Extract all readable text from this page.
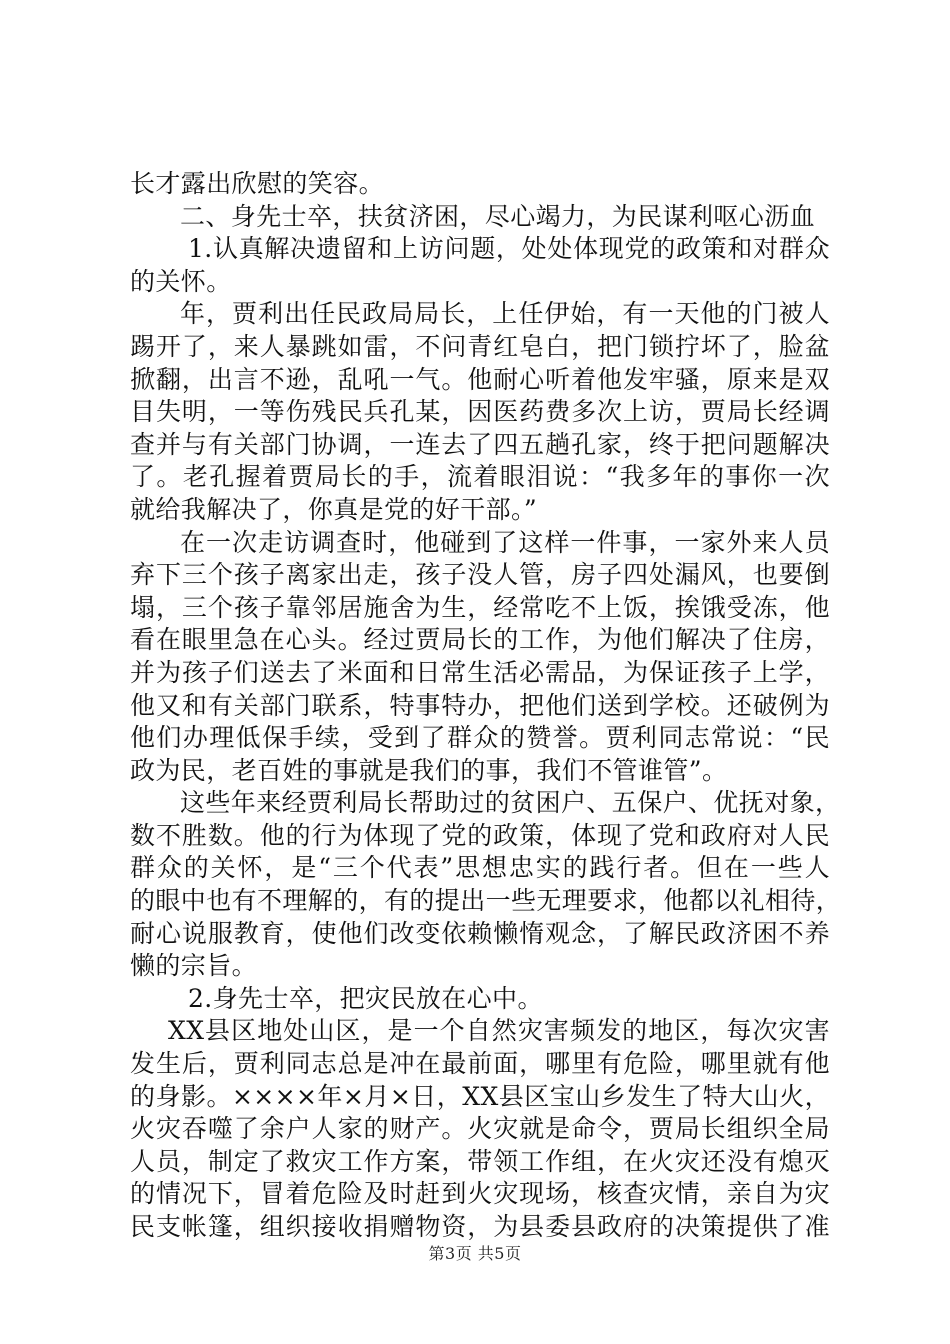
长才露出欣慰的笑容。
二、身先士卒，扶贫济困，尽心竭力，为民谋利呕心沥血
1.认真解决遗留和上访问题，处处体现党的政策和对群众
的关怀。
年，贾利出任民政局局长，上任伊始，有一天他的门被人
踢开了，来人暴跳如雷，不问青红皂白，把门锁拧坏了，脸盆
掀翻，出言不逊，乱吼一气。他耐心听着他发牢骚，原来是双
目失明，一等伤残民兵孔某，因医药费多次上访，贾局长经调
查并与有关部门协调，一连去了四五趟孔家，终于把问题解决
了。老孔握着贾局长的手，流着眼泪说：“我多年的事你一次
就给我解决了，你真是党的好干部。”
在一次走访调查时，他碰到了这样一件事，一家外来人员
弃下三个孩子离家出走，孩子没人管，房子四处漏风，也要倒
塌，三个孩子靠邻居施舍为生，经常吃不上饭，挨饿受冻，他
看在眼里急在心头。经过贾局长的工作，为他们解决了住房，
并为孩子们送去了米面和日常生活必需品，为保证孩子上学，
他又和有关部门联系，特事特办，把他们送到学校。还破例为
他们办理低保手续，受到了群众的赞誉。贾利同志常说：“民
政为民，老百姓的事就是我们的事，我们不管谁管”。
这些年来经贾利局长帮助过的贫困户、五保户、优抚对象，
数不胜数。他的行为体现了党的政策，体现了党和政府对人民
群众的关怀，是“三个代表”思想忠实的践行者。但在一些人
的眼中也有不理解的，有的提出一些无理要求，他都以礼相待，
耐心说服教育，使他们改变依赖懒惰观念，了解民政济困不养
懒的宗旨。
2.身先士卒，把灾民放在心中。
XX县区地处山区，是一个自然灾害频发的地区，每次灾害
发生后，贾利同志总是冲在最前面，哪里有危险，哪里就有他
的身影。××××年×月×日，XX县区宝山乡发生了特大山火，
火灾吞噬了余户人家的财产。火灾就是命令，贾局长组织全局
人员，制定了救灾工作方案，带领工作组，在火灾还没有熄灭
的情况下，冒着危险及时赶到火灾现场，核查灾情，亲自为灾
民支帐篷，组织接收捐赠物资，为县委县政府的决策提供了准
第3页 共5页
